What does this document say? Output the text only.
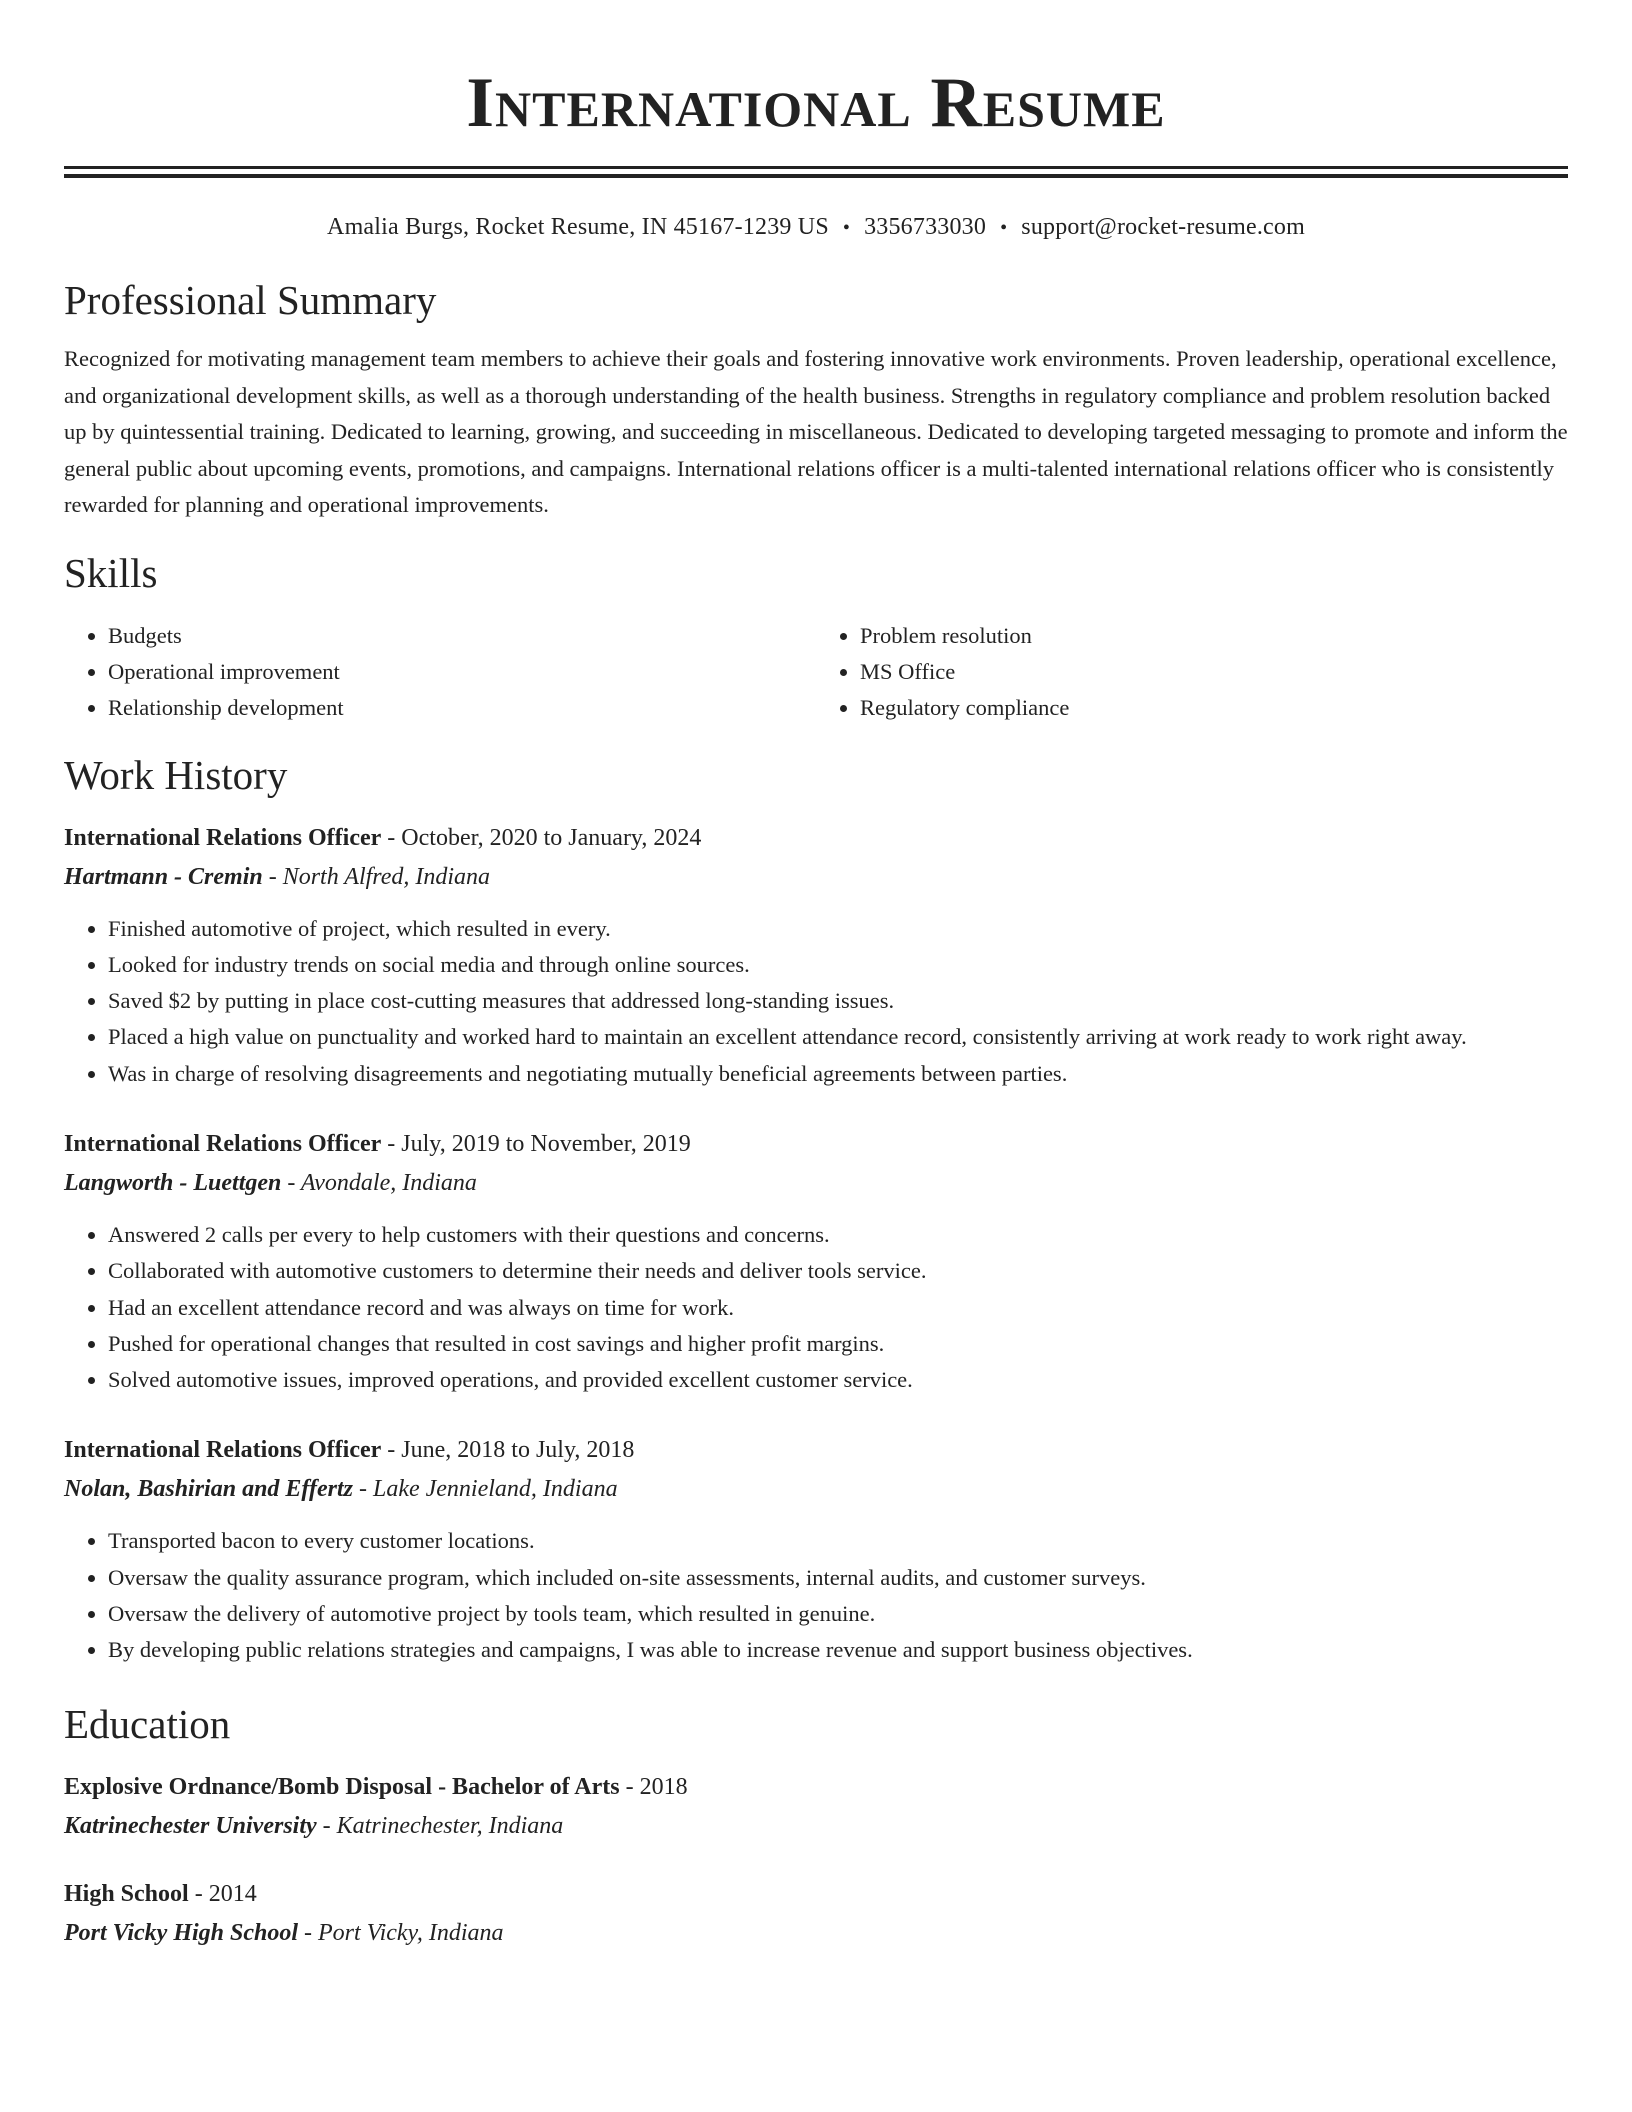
International Resume
Amalia Burgs, Rocket Resume, IN 45167-1239 US • 3356733030 • support@rocket-resume.com
Professional Summary
Recognized for motivating management team members to achieve their goals and fostering innovative work environments. Proven leadership, operational excellence, and organizational development skills, as well as a thorough understanding of the health business. Strengths in regulatory compliance and problem resolution backed up by quintessential training. Dedicated to learning, growing, and succeeding in miscellaneous. Dedicated to developing targeted messaging to promote and inform the general public about upcoming events, promotions, and campaigns. International relations officer is a multi-talented international relations officer who is consistently rewarded for planning and operational improvements.
Skills
• Budgets
• Operational improvement
• Relationship development
• Problem resolution
• MS Office
• Regulatory compliance
Work History
International Relations Officer - October, 2020 to January, 2024
Hartmann - Cremin - North Alfred, Indiana
• Finished automotive of project, which resulted in every.
• Looked for industry trends on social media and through online sources.
• Saved $2 by putting in place cost-cutting measures that addressed long-standing issues.
• Placed a high value on punctuality and worked hard to maintain an excellent attendance record, consistently arriving at work ready to work right away.
• Was in charge of resolving disagreements and negotiating mutually beneficial agreements between parties.
International Relations Officer - July, 2019 to November, 2019
Langworth - Luettgen - Avondale, Indiana
• Answered 2 calls per every to help customers with their questions and concerns.
• Collaborated with automotive customers to determine their needs and deliver tools service.
• Had an excellent attendance record and was always on time for work.
• Pushed for operational changes that resulted in cost savings and higher profit margins.
• Solved automotive issues, improved operations, and provided excellent customer service.
International Relations Officer - June, 2018 to July, 2018
Nolan, Bashirian and Effertz - Lake Jennieland, Indiana
• Transported bacon to every customer locations.
• Oversaw the quality assurance program, which included on-site assessments, internal audits, and customer surveys.
• Oversaw the delivery of automotive project by tools team, which resulted in genuine.
• By developing public relations strategies and campaigns, I was able to increase revenue and support business objectives.
Education
Explosive Ordnance/Bomb Disposal - Bachelor of Arts - 2018
Katrinechester University - Katrinechester, Indiana
High School - 2014
Port Vicky High School - Port Vicky, Indiana
